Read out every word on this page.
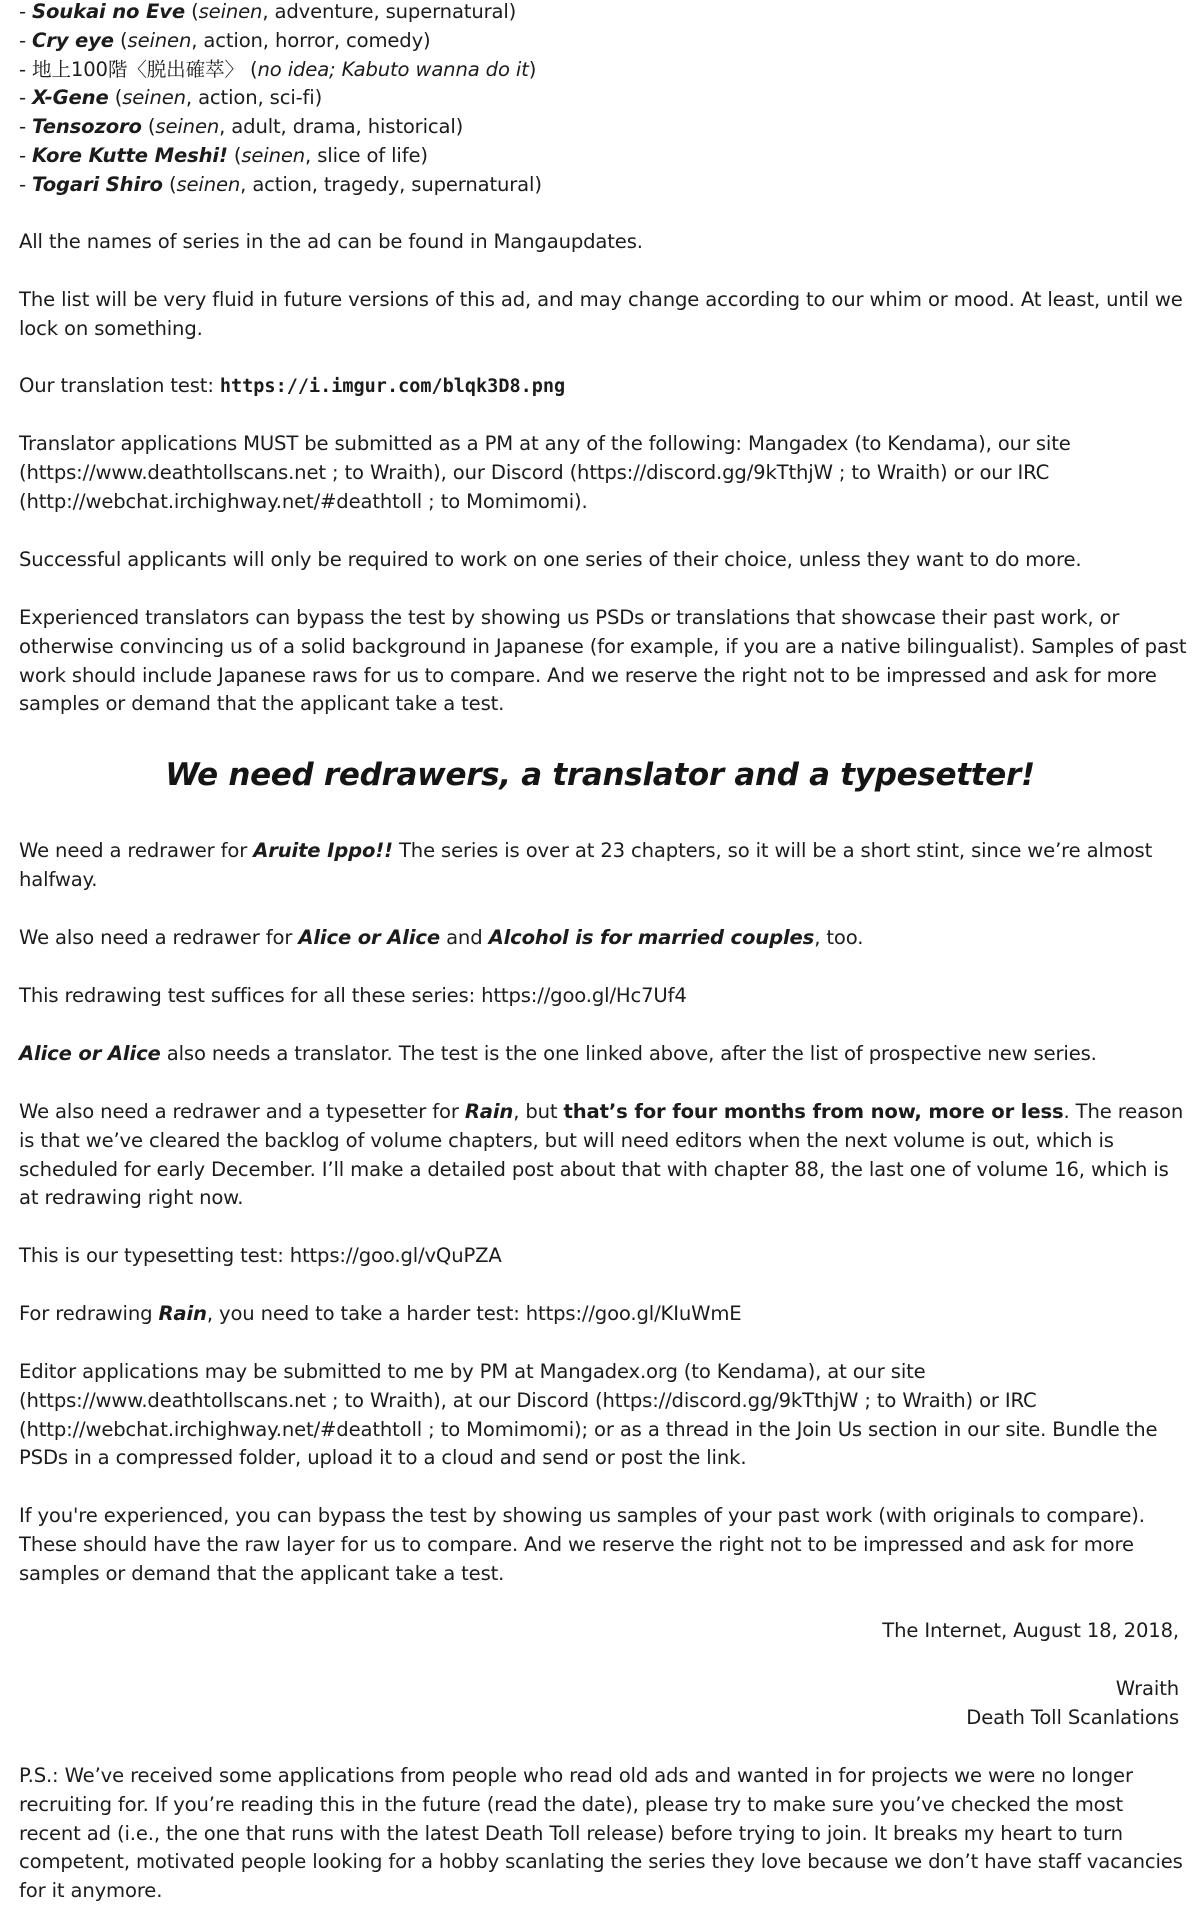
- Soukai no Eve (seinen, adventure, supernatural)
- Cry eye (seinen, action, horror, comedy)
- 地上100階〈脱出確萃〉 (no idea; Kabuto wanna do it)
- X-Gene (seinen, action, sci-fi)
- Tensozoro (seinen, adult, drama, historical)
- Kore Kutte Meshi! (seinen, slice of life)
- Togari Shiro (seinen, action, tragedy, supernatural)

All the names of series in the ad can be found in Mangaupdates.

The list will be very fluid in future versions of this ad, and may change according to our whim or mood. At least, until we lock on something.

Our translation test: https://i.imgur.com/blqk3D8.png

Translator applications MUST be submitted as a PM at any of the following: Mangadex (to Kendama), our site (https://www.deathtollscans.net ; to Wraith), our Discord (https://discord.gg/9kTthjW ; to Wraith) or our IRC (http://webchat.irchighway.net/#deathtoll ; to Momimomi).

Successful applicants will only be required to work on one series of their choice, unless they want to do more.

Experienced translators can bypass the test by showing us PSDs or translations that showcase their past work, or otherwise convincing us of a solid background in Japanese (for example, if you are a native bilingualist). Samples of past work should include Japanese raws for us to compare. And we reserve the right not to be impressed and ask for more samples or demand that the applicant take a test.

We need redrawers, a translator and a typesetter!

We need a redrawer for Aruite Ippo!! The series is over at 23 chapters, so it will be a short stint, since we’re almost halfway.

We also need a redrawer for Alice or Alice and Alcohol is for married couples, too.

This redrawing test suffices for all these series: https://goo.gl/Hc7Uf4

Alice or Alice also needs a translator. The test is the one linked above, after the list of prospective new series.

We also need a redrawer and a typesetter for Rain, but that’s for four months from now, more or less. The reason is that we’ve cleared the backlog of volume chapters, but will need editors when the next volume is out, which is scheduled for early December. I’ll make a detailed post about that with chapter 88, the last one of volume 16, which is at redrawing right now.

This is our typesetting test: https://goo.gl/vQuPZA

For redrawing Rain, you need to take a harder test: https://goo.gl/KIuWmE

Editor applications may be submitted to me by PM at Mangadex.org (to Kendama), at our site (https://www.deathtollscans.net ; to Wraith), at our Discord (https://discord.gg/9kTthjW ; to Wraith) or IRC (http://webchat.irchighway.net/#deathtoll ; to Momimomi); or as a thread in the Join Us section in our site. Bundle the PSDs in a compressed folder, upload it to a cloud and send or post the link.

If you're experienced, you can bypass the test by showing us samples of your past work (with originals to compare). These should have the raw layer for us to compare. And we reserve the right not to be impressed and ask for more samples or demand that the applicant take a test.

The Internet, August 18, 2018,
Wraith
Death Toll Scanlations

P.S.: We’ve received some applications from people who read old ads and wanted in for projects we were no longer recruiting for. If you’re reading this in the future (read the date), please try to make sure you’ve checked the most recent ad (i.e., the one that runs with the latest Death Toll release) before trying to join. It breaks my heart to turn competent, motivated people looking for a hobby scanlating the series they love because we don’t have staff vacancies for it anymore.
